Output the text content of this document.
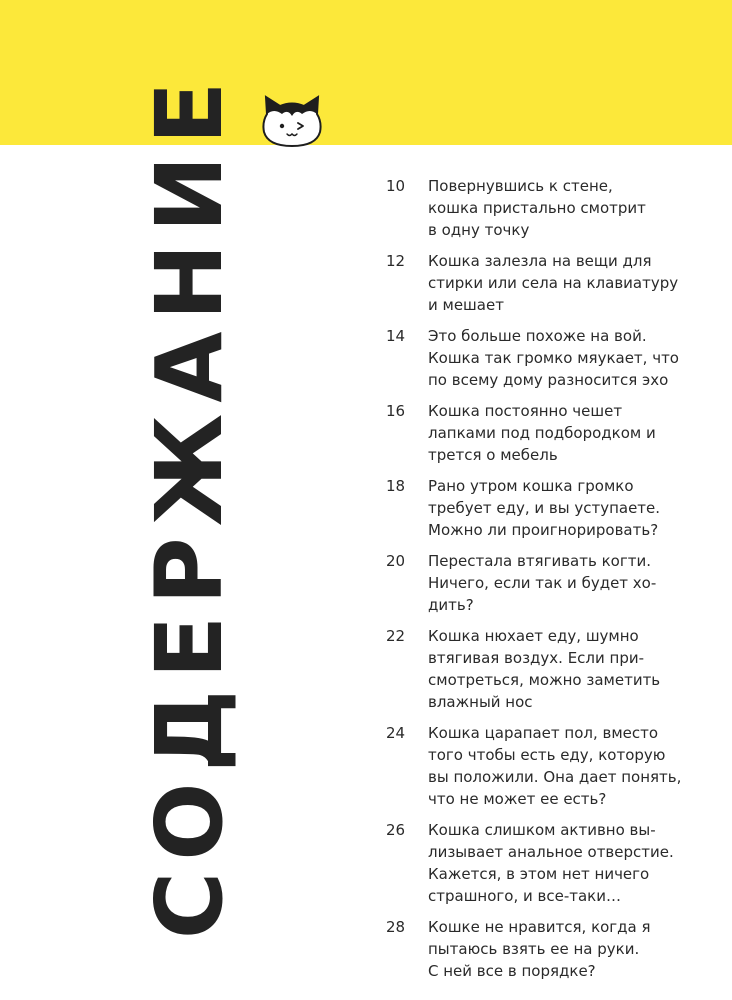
СОДЕРЖАНИЕ	10	Повернувшись к стене,
кошка пристально смотрит
в одну точку
12	Кошка залезла на вещи для
стирки или села на клавиатуру
и мешает
14	Это больше похоже на вой.
Кошка так громко мяукает, что
по всему дому разносится эхо
16	Кошка постоянно чешет
лапками под подбородком и
трется о мебель
18	Рано утром кошка громко
требует еду, и вы уступаете.
Можно ли проигнорировать?
20	Перестала втягивать когти.
Ничего, если так и будет хо-
дить?
22	Кошка нюхает еду, шумно
втягивая воздух. Если при-
смотреться, можно заметить
влажный нос
24	Кошка царапает пол, вместо
того чтобы есть еду, которую
вы положили. Она дает понять,
что не может ее есть?
26	Кошка слишком активно вы-
лизывает анальное отверстие.
Кажется, в этом нет ничего
страшного, и все-таки…
28	Кошке не нравится, когда я
пытаюсь взять ее на руки.
С ней все в порядке?
